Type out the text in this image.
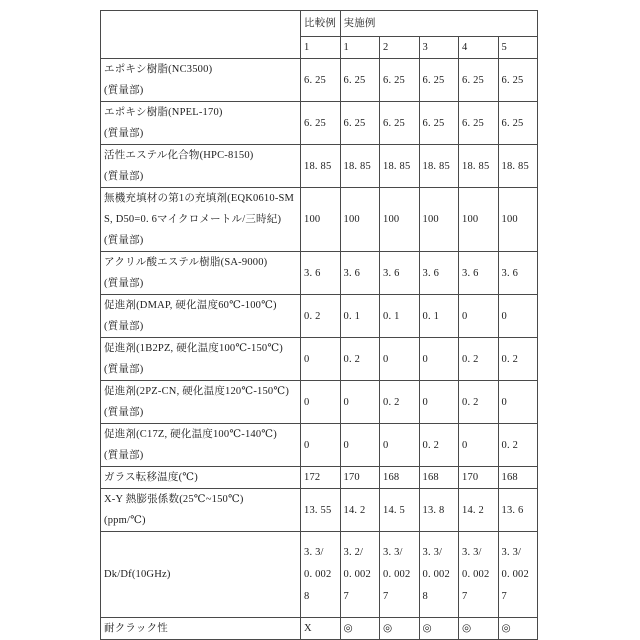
	比較例	実施例				
	1	1	2	3	4	5
エポキシ樹脂(NC3500)
(質量部)	6. 25	6. 25	6. 25	6. 25	6. 25	6. 25
エポキシ樹脂(NPEL-170)
(質量部)	6. 25	6. 25	6. 25	6. 25	6. 25	6. 25
活性エステル化合物(HPC-8150)
(質量部)	18. 85	18. 85	18. 85	18. 85	18. 85	18. 85
無機充填材の第1の充填剤(EQK0610-SM
S, D50=0. 6マイクロメートル/三時紀)
(質量部)	100	100	100	100	100	100
アクリル酸エステル樹脂(SA-9000)
(質量部)	3. 6	3. 6	3. 6	3. 6	3. 6	3. 6
促進剤(DMAP, 硬化温度60℃-100℃)
(質量部)	0. 2	0. 1	0. 1	0. 1	0	0
促進剤(1B2PZ, 硬化温度100℃-150℃)
(質量部)	0	0. 2	0	0	0. 2	0. 2
促進剤(2PZ-CN, 硬化温度120℃-150℃)
(質量部)	0	0	0. 2	0	0. 2	0
促進剤(C17Z, 硬化温度100℃-140℃)
(質量部)	0	0	0	0. 2	0	0. 2
ガラス転移温度(℃)	172	170	168	168	170	168
X-Y 熱膨張係数(25℃~150℃)
(ppm/℃)	13. 55	14. 2	14. 5	13. 8	14. 2	13. 6
Dk/Df(10GHz)	3. 3/
0. 002
8	3. 2/
0. 002
7	3. 3/
0. 002
7	3. 3/
0. 002
8	3. 3/
0. 002
7	3. 3/
0. 002
7
耐クラック性	X	◎	◎	◎	◎	◎
